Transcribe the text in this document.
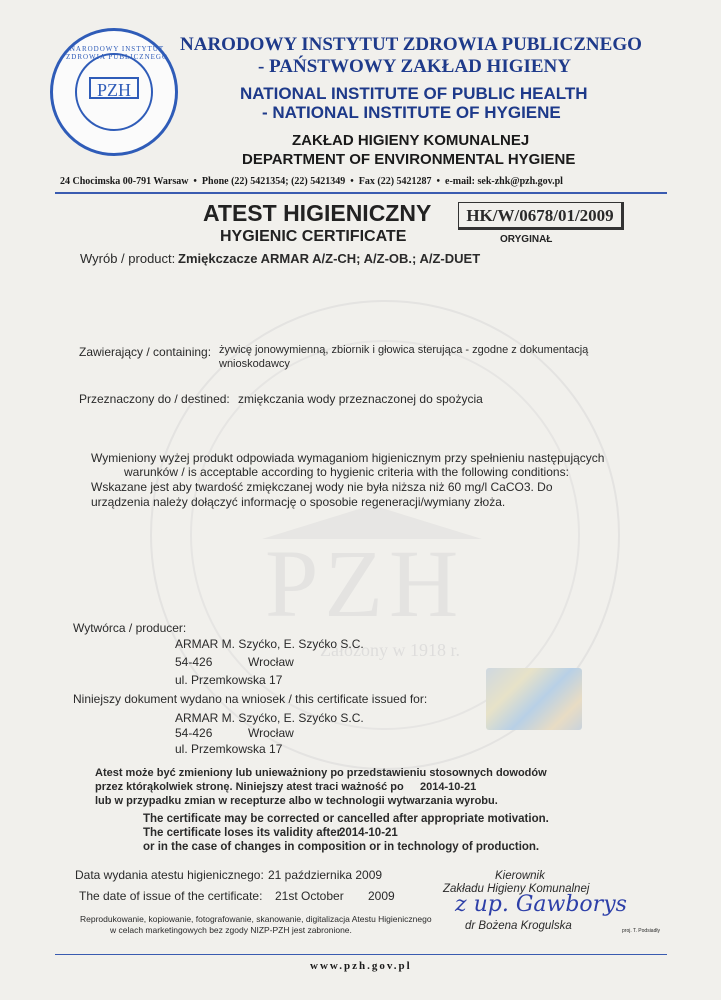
PZH
Założony w 1918 r.
NARODOWY INSTYTUT ZDROWIA PUBLICZNEGO
PZH
NARODOWY INSTYTUT ZDROWIA PUBLICZNEGO
- PAŃSTWOWY ZAKŁAD HIGIENY
NATIONAL INSTITUTE OF PUBLIC HEALTH
- NATIONAL INSTITUTE OF HYGIENE
ZAKŁAD HIGIENY KOMUNALNEJ
DEPARTMENT OF ENVIRONMENTAL HYGIENE
24 Chocimska 00-791 Warsaw  •  Phone (22) 5421354; (22) 5421349  •  Fax (22) 5421287  •  e-mail: sek-zhk@pzh.gov.pl
ATEST HIGIENICZNY	HK/W/0678/01/2009
HYGIENIC CERTIFICATE	ORYGINAŁ
Wyrób / product: Zmiękczacze ARMAR A/Z-CH; A/Z-OB.; A/Z-DUET
Zawierający / containing: żywicę jonowymienną, zbiornik i głowica sterująca - zgodne z dokumentacją
wnioskodawcy
Przeznaczony do / destined: zmiękczania wody przeznaczonej do spożycia
Wymieniony wyżej produkt odpowiada wymaganiom higienicznym przy spełnieniu następujących
warunków / is acceptable according to hygienic criteria with the following conditions:
Wskazane jest aby twardość zmiękczanej wody nie była niższa niż 60 mg/l CaCO3. Do
urządzenia należy dołączyć informację o sposobie regeneracji/wymiany złoża.
Wytwórca / producer:
ARMAR M. Szyćko, E. Szyćko S.C.
54-426	Wrocław
ul. Przemkowska 17
Niniejszy dokument wydano na wniosek / this certificate issued for:
ARMAR M. Szyćko, E. Szyćko S.C.
54-426	Wrocław
ul. Przemkowska 17
Atest może być zmieniony lub unieważniony po przedstawieniu stosownych dowodów
przez którąkolwiek stronę. Niniejszy atest traci ważność po 2014-10-21
lub w przypadku zmian w recepturze albo w technologii wytwarzania wyrobu.
The certificate may be corrected or cancelled after appropriate motivation.
The certificate loses its validity after
2014-10-21
or in the case of changes in composition or in technology of production.
Data wydania atestu higienicznego: 21 października 2009
The date of issue of the certificate: 21st October 2009
Reprodukowanie, kopiowanie, fotografowanie, skanowanie, digitalizacja Atestu Higienicznego
w celach marketingowych bez zgody NIZP-PZH jest zabronione.
Kierownik
Zakładu Higieny Komunalnej
z up. Gawborys
dr Bożena Krogulska	proj. T. Podsiadły
www.pzh.gov.pl
